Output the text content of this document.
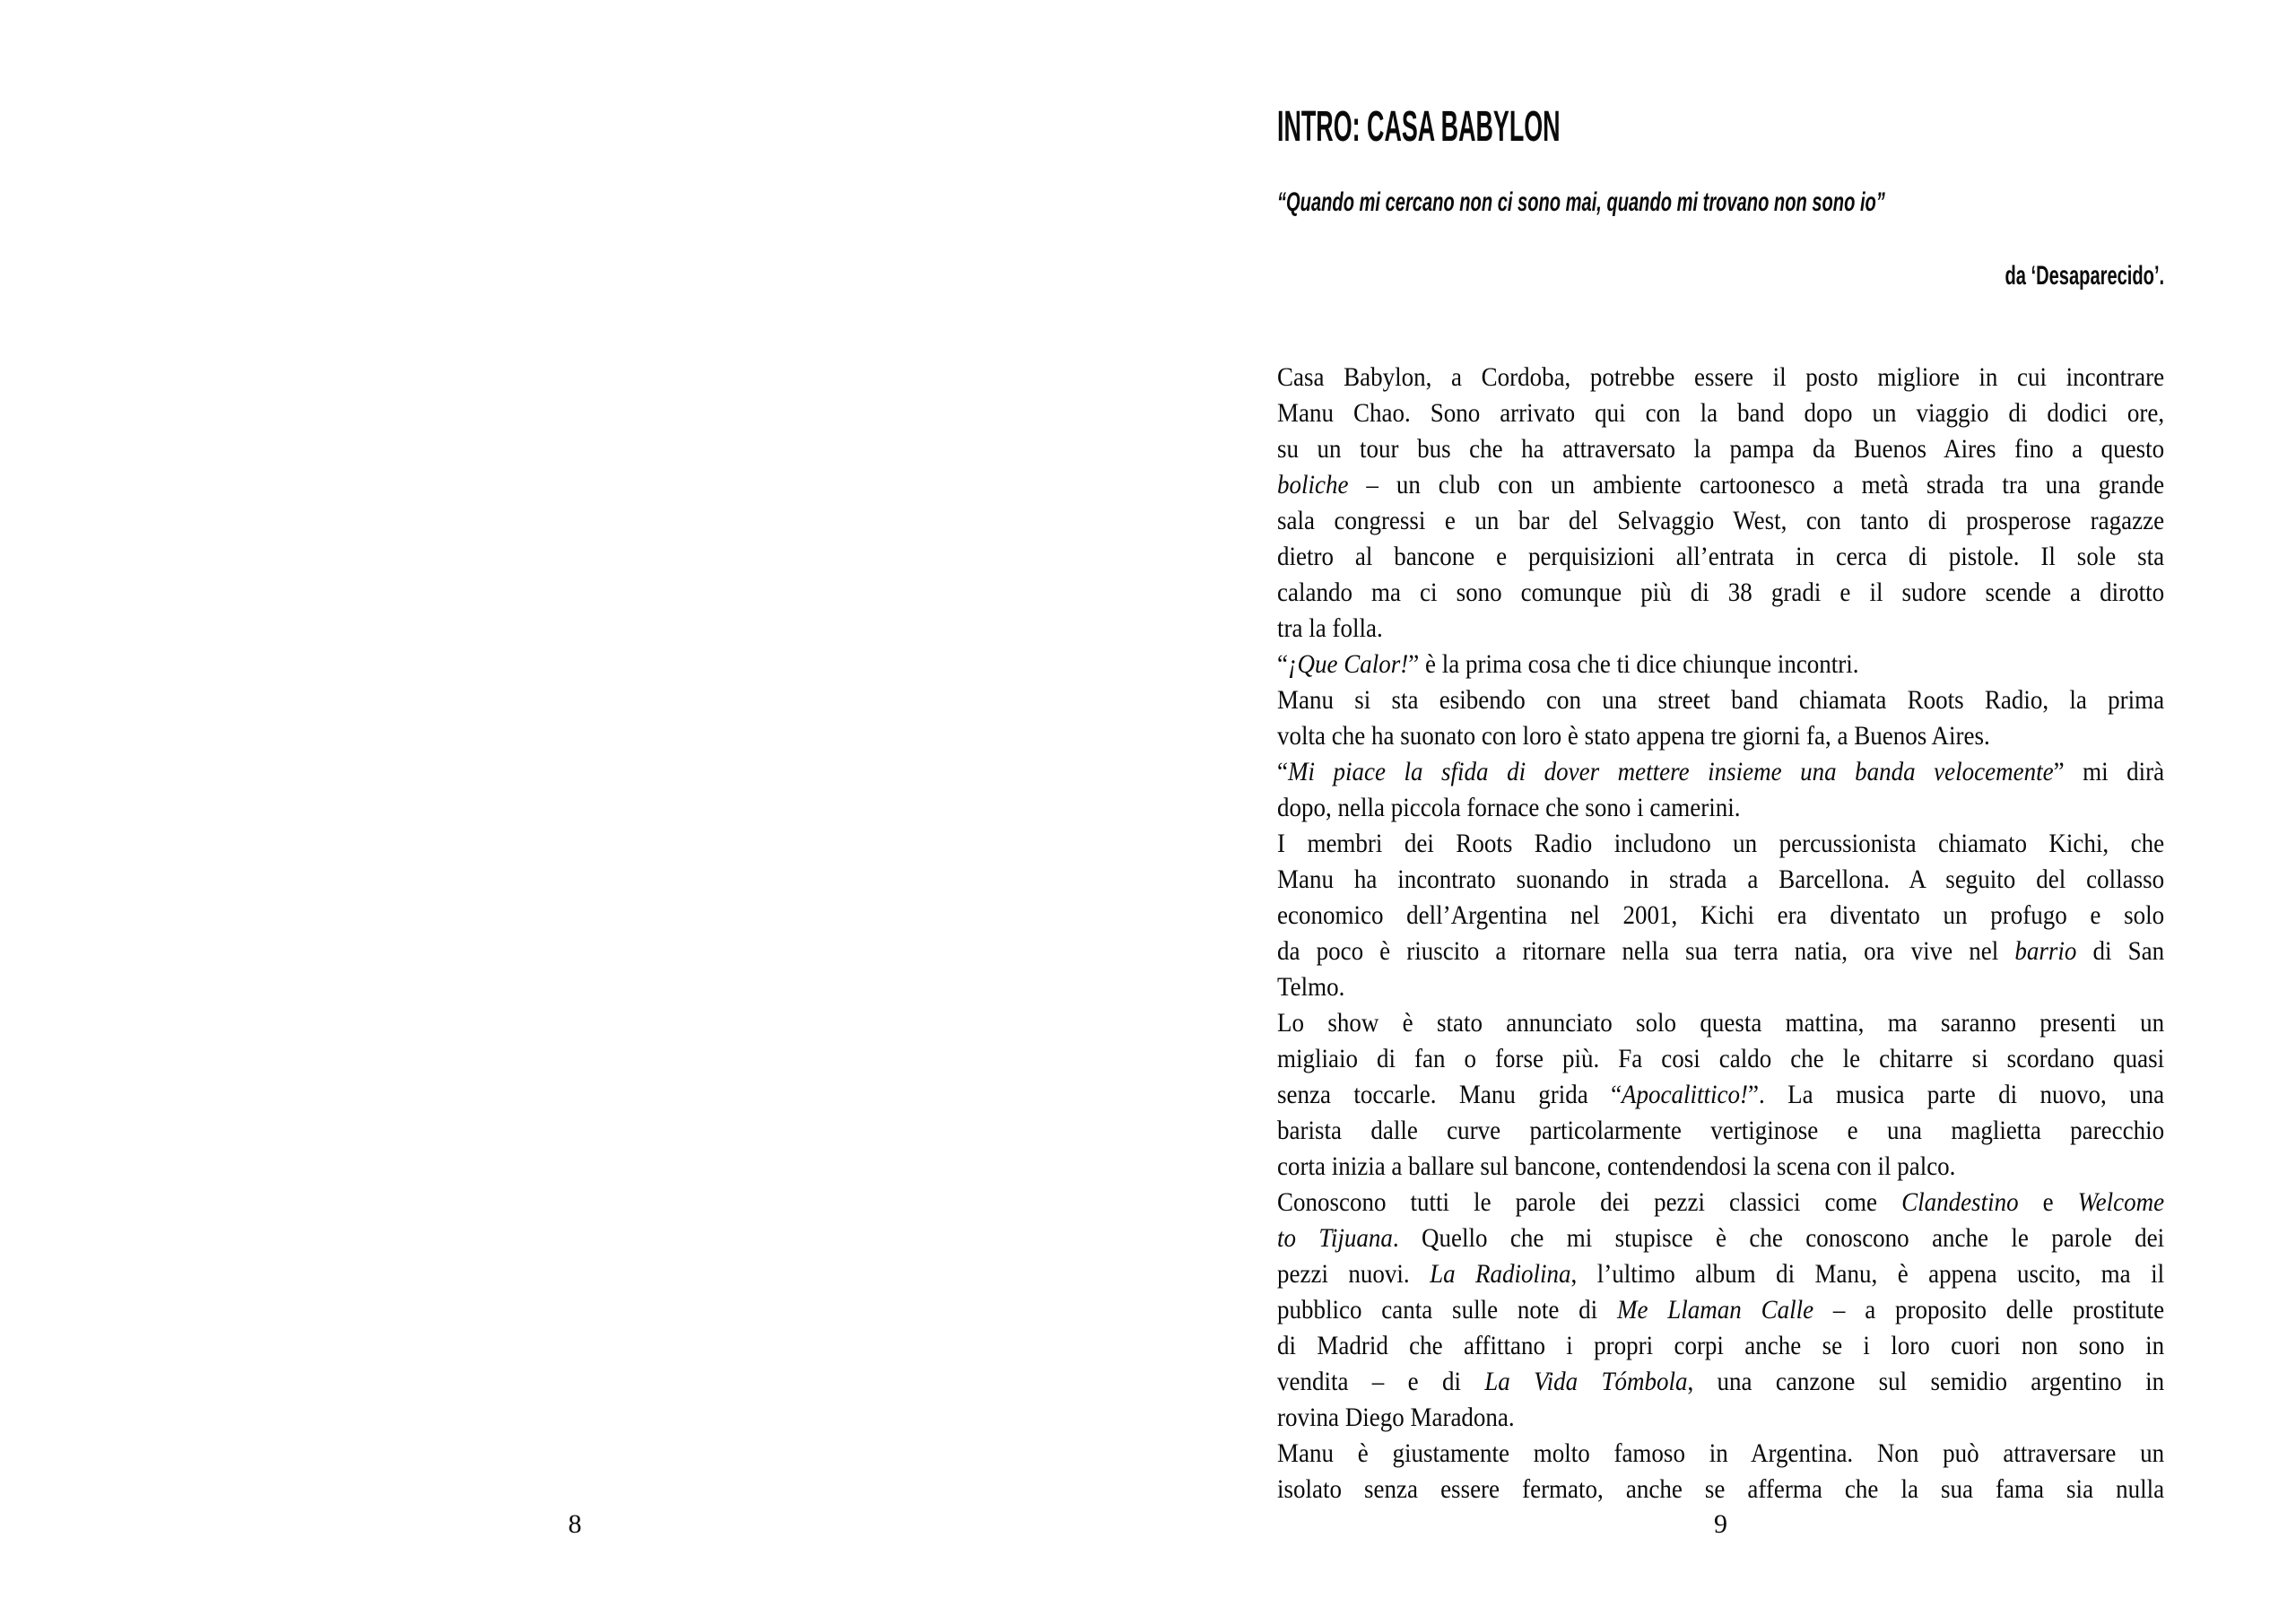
8
INTRO: CASA BABYLON
“Quando mi cercano non ci sono mai, quando mi trovano non sono io”
da ‘Desaparecido’.
Casa Babylon, a Cordoba, potrebbe essere il posto migliore in cui incontrare
Manu Chao. Sono arrivato qui con la band dopo un viaggio di dodici ore,
su un tour bus che ha attraversato la pampa da Buenos Aires fino a questo
boliche – un club con un ambiente cartoonesco a metà strada tra una grande
sala congressi e un bar del Selvaggio West, con tanto di prosperose ragazze
dietro al bancone e perquisizioni all’entrata in cerca di pistole. Il sole sta
calando ma ci sono comunque più di 38 gradi e il sudore scende a dirotto
tra la folla.
“¡Que Calor!” è la prima cosa che ti dice chiunque incontri.
Manu si sta esibendo con una street band chiamata Roots Radio, la prima
volta che ha suonato con loro è stato appena tre giorni fa, a Buenos Aires.
“Mi piace la sfida di dover mettere insieme una banda velocemente” mi dirà
dopo, nella piccola fornace che sono i camerini.
I membri dei Roots Radio includono un percussionista chiamato Kichi, che
Manu ha incontrato suonando in strada a Barcellona. A seguito del collasso
economico dell’Argentina nel 2001, Kichi era diventato un profugo e solo
da poco è riuscito a ritornare nella sua terra natia, ora vive nel barrio di San
Telmo.
Lo show è stato annunciato solo questa mattina, ma saranno presenti un
migliaio di fan o forse più. Fa cosi caldo che le chitarre si scordano quasi
senza toccarle. Manu grida “Apocalittico!”. La musica parte di nuovo, una
barista dalle curve particolarmente vertiginose e una maglietta parecchio
corta inizia a ballare sul bancone, contendendosi la scena con il palco.
Conoscono tutti le parole dei pezzi classici come Clandestino e Welcome
to Tijuana. Quello che mi stupisce è che conoscono anche le parole dei
pezzi nuovi. La Radiolina, l’ultimo album di Manu, è appena uscito, ma il
pubblico canta sulle note di Me Llaman Calle – a proposito delle prostitute
di Madrid che affittano i propri corpi anche se i loro cuori non sono in
vendita – e di La Vida Tómbola, una canzone sul semidio argentino in
rovina Diego Maradona.
Manu è giustamente molto famoso in Argentina. Non può attraversare un
isolato senza essere fermato, anche se afferma che la sua fama sia nulla
9
